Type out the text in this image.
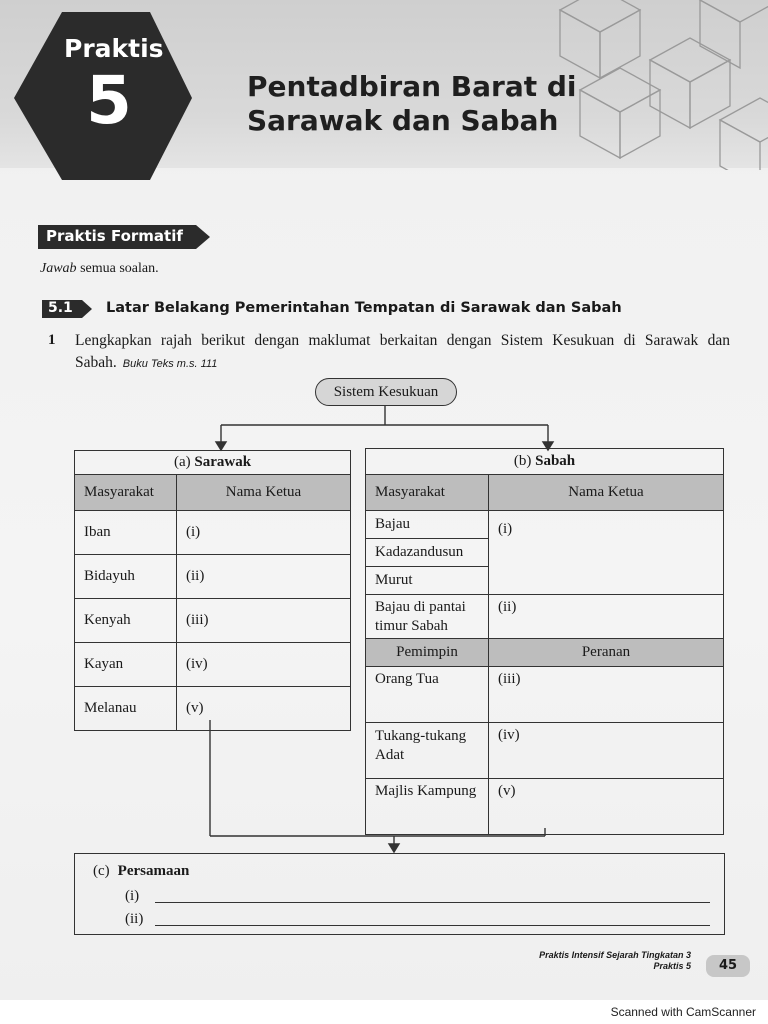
Praktis
5	Pentadbiran Barat di
Sarawak dan Sabah
Praktis Formatif
Jawab semua soalan.
5.1 Latar Belakang Pemerintahan Tempatan di Sarawak dan Sabah
1 Lengkapkan rajah berikut dengan maklumat berkaitan dengan Sistem Kesukuan di Sarawak dan Sabah. Buku Teks m.s. 111
Sistem Kesukuan
(a) Sarawak	
Masyarakat	Nama Ketua
Iban	(i)
Bidayuh	(ii)
Kenyah	(iii)
Kayan	(iv)
Melanau	(v)
(b) Sabah	
Masyarakat	Nama Ketua
Bajau	(i)
Kadazandusun	
Murut	
Bajau di pantai timur Sabah	(ii)
Pemimpin	Peranan
Orang Tua	(iii)
Tukang-tukang Adat	(iv)
Majlis Kampung	(v)
(c) Persamaan
(i)
(ii)
Praktis Intensif Sejarah Tingkatan 3
Praktis 5	45
Scanned with CamScanner
